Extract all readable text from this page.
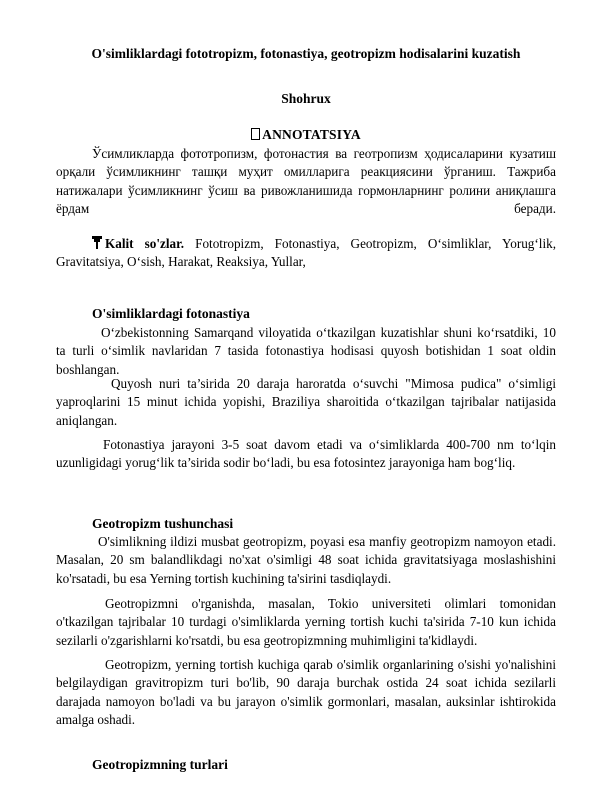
O'simliklardagi fototropizm, fotonastiya, geotropizm hodisalarini kuzatish
Shohrux
ANNOTATSIYA
Ўсимликларда фототропизм, фотонастия ва геотропизм ҳодисаларини кузатиш орқали ўсимликнинг ташқи муҳит омилларига реакциясини ўрганиш. Тажриба натижалари ўсимликнинг ўсиш ва ривожланишида гормонларнинг ролини аниқлашга ёрдам беради.
Kalit so'zlar. Fototropizm, Fotonastiya, Geotropizm, O‘simliklar, Yorug‘lik, Gravitatsiya, O‘sish, Harakat, Reaksiya, Yullar,
O'simliklardagi fotonastiya
O‘zbekistonning Samarqand viloyatida o‘tkazilgan kuzatishlar shuni ko‘rsatdiki, 10 ta turli o‘simlik navlaridan 7 tasida fotonastiya hodisasi quyosh botishidan 1 soat oldin boshlangan.
Quyosh nuri ta’sirida 20 daraja haroratda o‘suvchi "Mimosa pudica" o‘simligi yaproqlarini 15 minut ichida yopishi, Braziliya sharoitida o‘tkazilgan tajribalar natijasida aniqlangan.
Fotonastiya jarayoni 3-5 soat davom etadi va o‘simliklarda 400-700 nm to‘lqin uzunligidagi yorug‘lik ta’sirida sodir bo‘ladi, bu esa fotosintez jarayoniga ham bog‘liq.
Geotropizm tushunchasi
O'simlikning ildizi musbat geotropizm, poyasi esa manfiy geotropizm namoyon etadi. Masalan, 20 sm balandlikdagi no'xat o'simligi 48 soat ichida gravitatsiyaga moslashishini ko'rsatadi, bu esa Yerning tortish kuchining ta'sirini tasdiqlaydi.
Geotropizmni o'rganishda, masalan, Tokio universiteti olimlari tomonidan o'tkazilgan tajribalar 10 turdagi o'simliklarda yerning tortish kuchi ta'sirida 7-10 kun ichida sezilarli o'zgarishlarni ko'rsatdi, bu esa geotropizmning muhimligini ta'kidlaydi.
Geotropizm, yerning tortish kuchiga qarab o'simlik organlarining o'sishi yo'nalishini belgilaydigan gravitropizm turi bo'lib, 90 daraja burchak ostida 24 soat ichida sezilarli darajada namoyon bo'ladi va bu jarayon o'simlik gormonlari, masalan, auksinlar ishtirokida amalga oshadi.
Geotropizmning turlari
